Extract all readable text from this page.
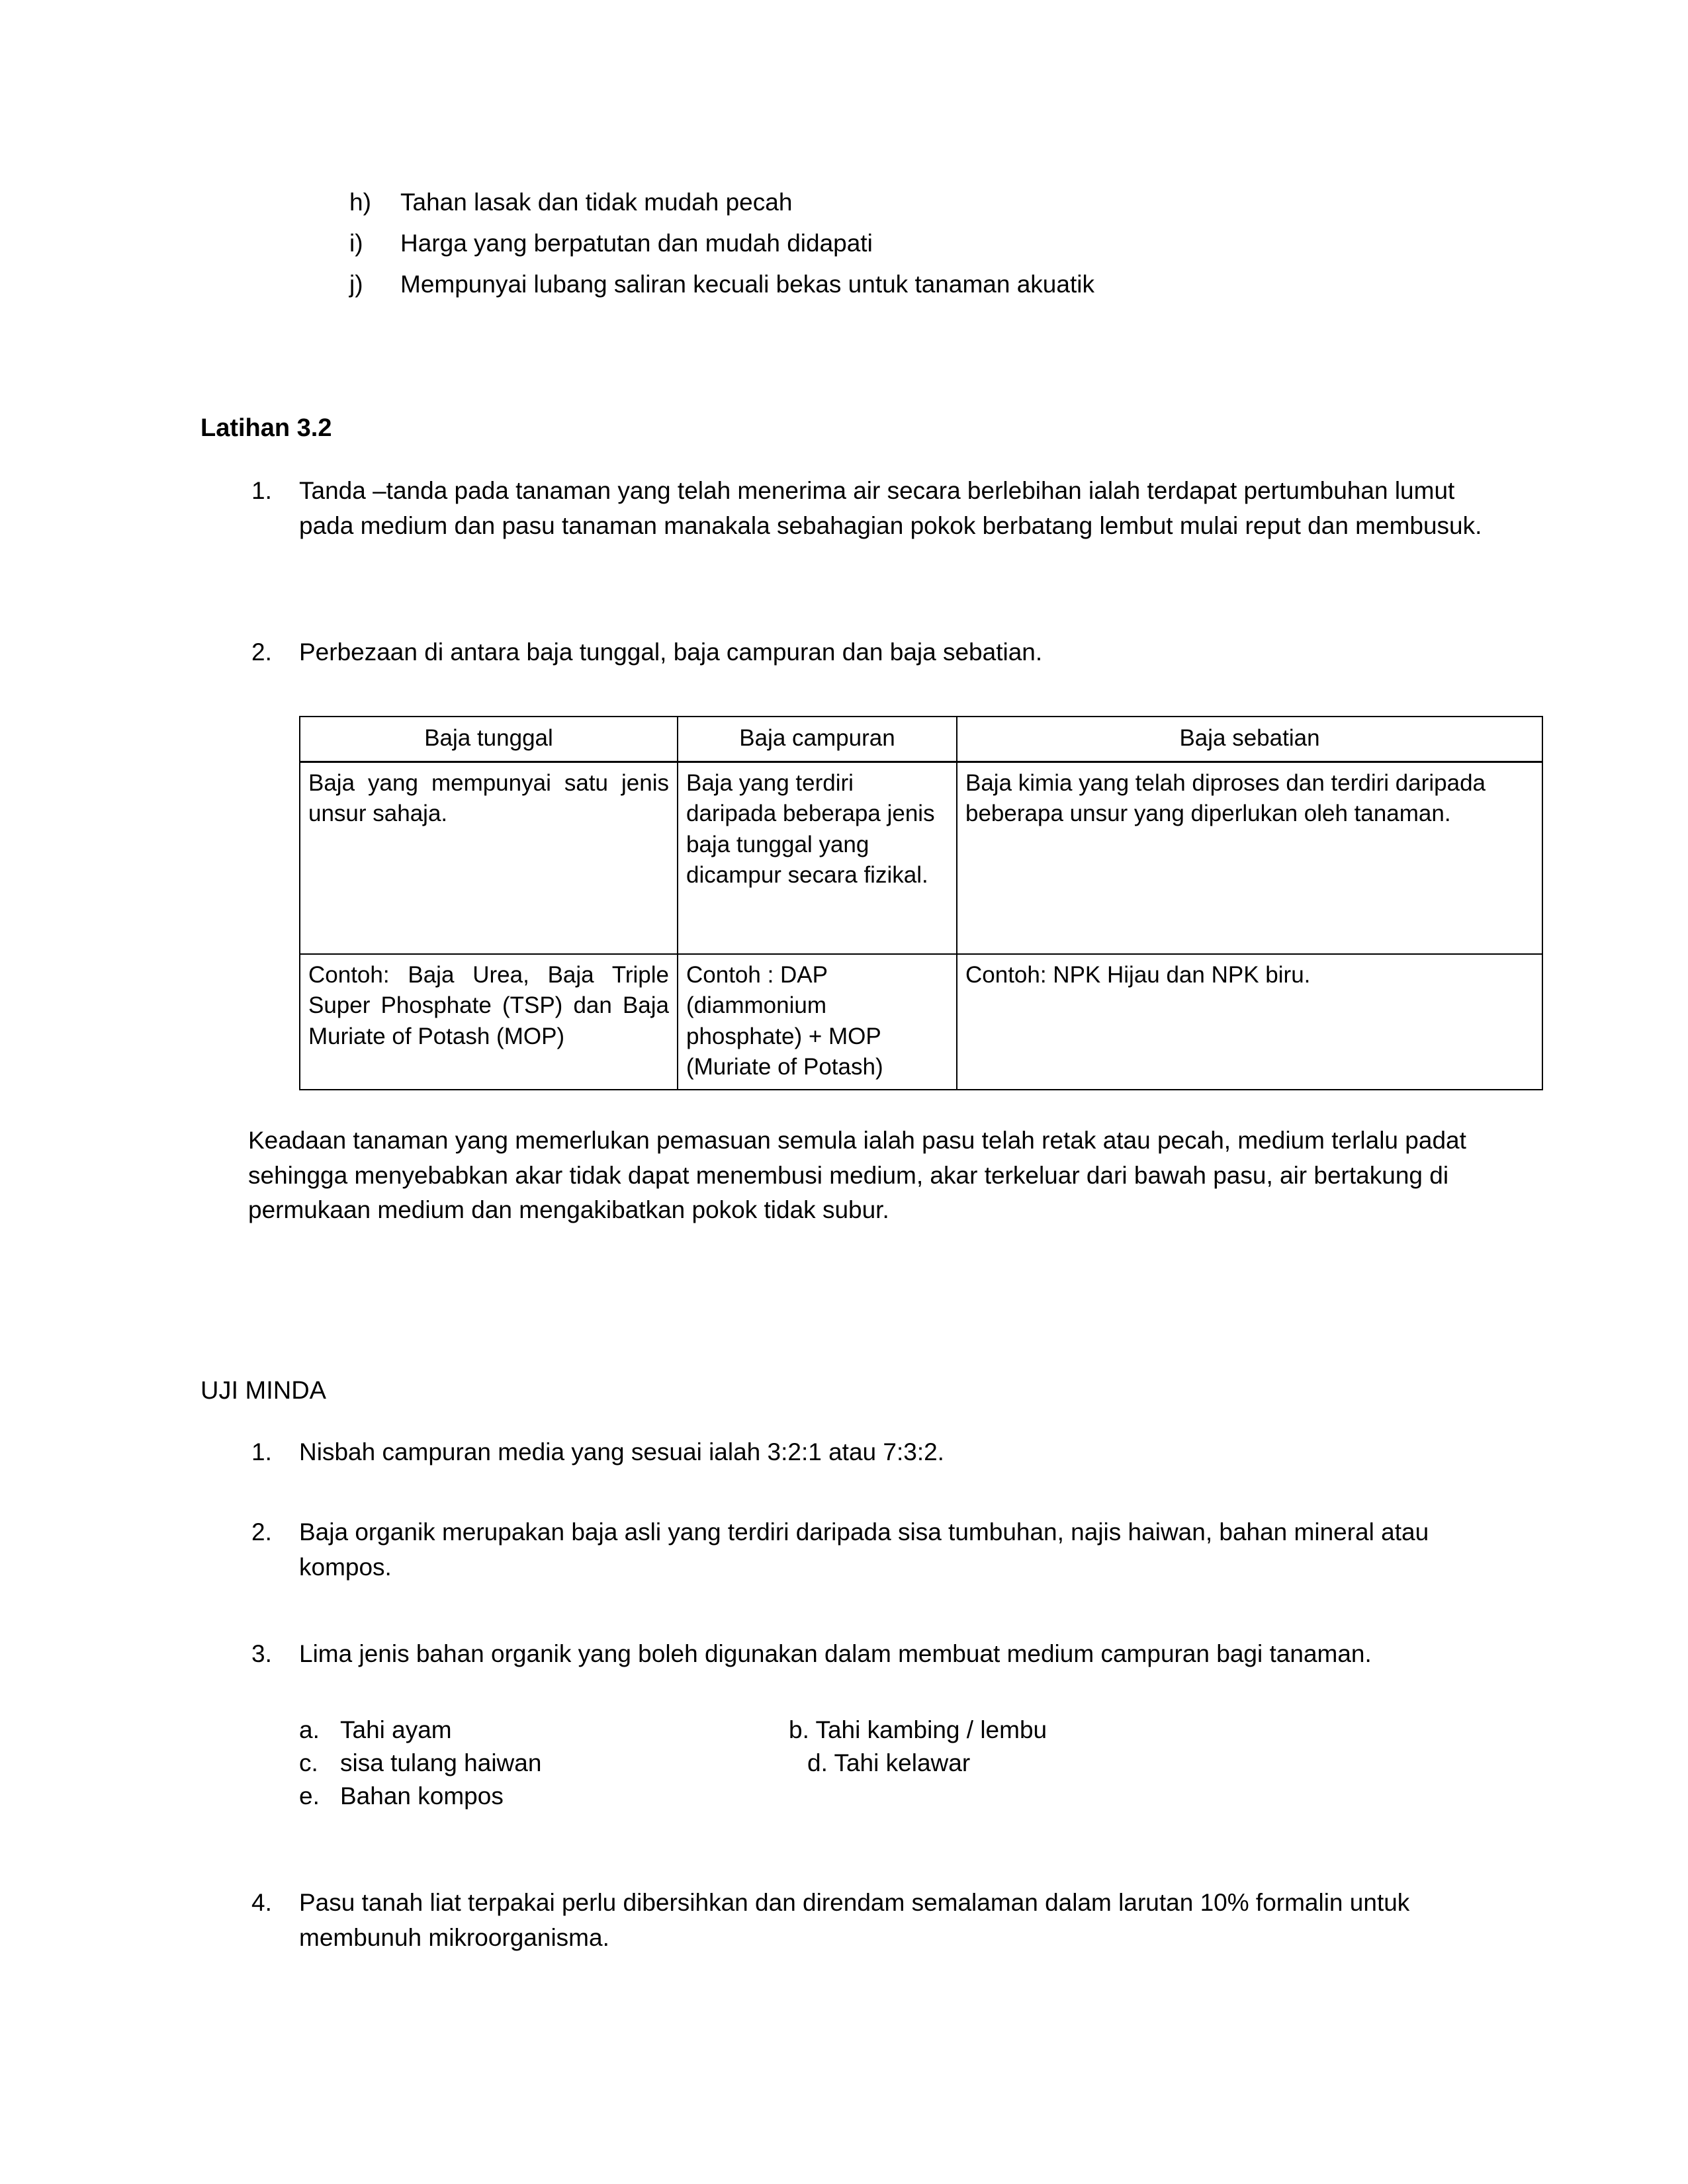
h)	Tahan lasak dan tidak mudah pecah
i)	Harga yang berpatutan dan mudah didapati
j)	Mempunyai lubang saliran kecuali bekas untuk tanaman akuatik
Latihan 3.2
1.	Tanda –tanda pada tanaman yang telah menerima air secara berlebihan ialah terdapat pertumbuhan lumut pada medium dan pasu tanaman manakala sebahagian pokok berbatang lembut mulai reput dan membusuk.
2.	Perbezaan di antara baja tunggal, baja campuran dan baja sebatian.
Baja tunggal	Baja campuran	Baja sebatian
Baja yang mempunyai satu jenis unsur sahaja.	Baja yang terdiri daripada beberapa jenis baja tunggal yang dicampur secara fizikal.	Baja kimia yang telah diproses dan terdiri daripada beberapa unsur yang diperlukan oleh tanaman.
Contoh: Baja Urea, Baja Triple Super Phosphate (TSP) dan Baja Muriate of Potash (MOP)	Contoh : DAP (diammonium phosphate) + MOP (Muriate of Potash)	Contoh: NPK Hijau dan NPK biru.
Keadaan tanaman yang memerlukan pemasuan semula ialah pasu telah retak atau pecah, medium terlalu padat sehingga menyebabkan akar tidak dapat menembusi medium, akar terkeluar dari bawah pasu, air bertakung di permukaan medium dan mengakibatkan pokok tidak subur.
UJI MINDA
1.	Nisbah campuran media yang sesuai ialah 3:2:1 atau 7:3:2.
2.	Baja organik merupakan baja asli yang terdiri daripada sisa tumbuhan, najis haiwan, bahan mineral atau kompos.
3.	Lima jenis bahan organik yang boleh digunakan dalam membuat medium campuran bagi tanaman.
a. Tahi ayam	b. Tahi kambing / lembu
c. sisa tulang haiwan	d. Tahi kelawar
e. Bahan kompos
4.	Pasu tanah liat terpakai perlu dibersihkan dan direndam semalaman dalam larutan 10% formalin untuk membunuh mikroorganisma.
